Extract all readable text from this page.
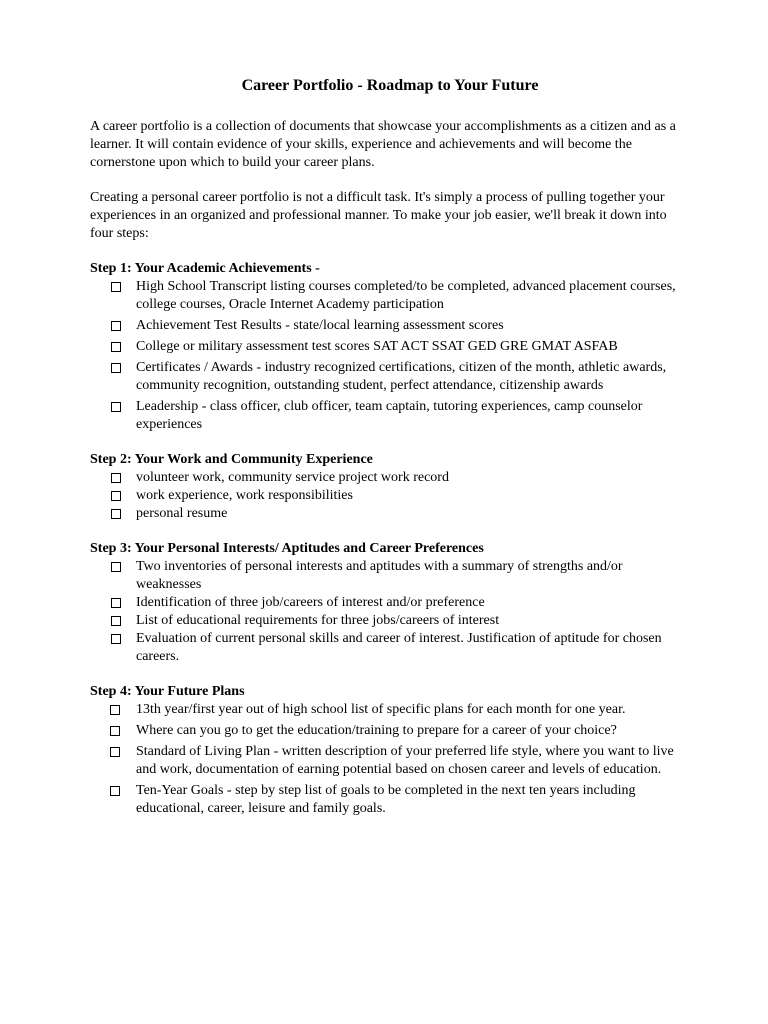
Career Portfolio - Roadmap to Your Future

A career portfolio is a collection of documents that showcase your accomplishments as a citizen and as a learner. It will contain evidence of your skills, experience and achievements and will become the cornerstone upon which to build your career plans.

Creating a personal career portfolio is not a difficult task. It's simply a process of pulling together your experiences in an organized and professional manner. To make your job easier, we'll break it down into four steps:

Step 1: Your Academic Achievements -

High School Transcript listing courses completed/to be completed, advanced placement courses, college courses, Oracle Internet Academy participation
Achievement Test Results - state/local learning assessment scores
College or military assessment test scores SAT ACT SSAT GED GRE GMAT ASFAB
Certificates / Awards - industry recognized certifications, citizen of the month, athletic awards, community recognition, outstanding student, perfect attendance, citizenship awards
Leadership - class officer, club officer, team captain, tutoring experiences, camp counselor experiences

Step 2: Your Work and Community Experience

volunteer work, community service project work record
work experience, work responsibilities
personal resume

Step 3: Your Personal Interests/ Aptitudes and Career Preferences

Two inventories of personal interests and aptitudes with a summary of strengths and/or weaknesses
Identification of three job/careers of interest and/or preference
List of educational requirements for three jobs/careers of interest
Evaluation of current personal skills and career of interest. Justification of aptitude for chosen careers.

Step 4: Your Future Plans

13th year/first year out of high school list of specific plans for each month for one year.
Where can you go to get the education/training to prepare for a career of your choice?
Standard of Living Plan - written description of your preferred life style, where you want to live and work, documentation of earning potential based on chosen career and levels of education.
Ten-Year Goals - step by step list of goals to be completed in the next ten years including educational, career, leisure and family goals.
